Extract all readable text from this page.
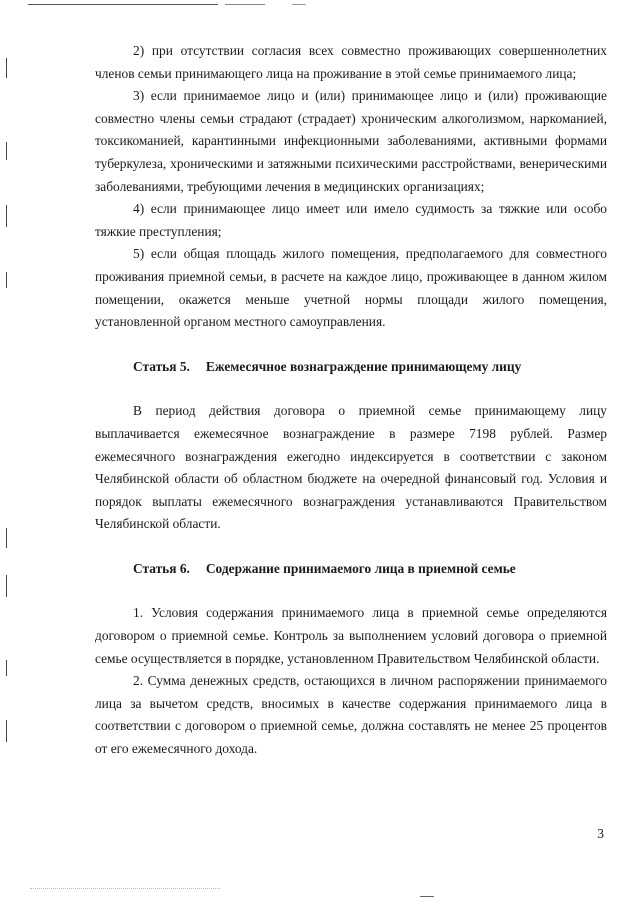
2) при отсутствии согласия всех совместно проживающих совершеннолетних членов семьи принимающего лица на проживание в этой семье принимаемого лица;

3) если принимаемое лицо и (или) принимающее лицо и (или) проживающие совместно члены семьи страдают (страдает) хроническим алкоголизмом, наркоманией, токсикоманией, карантинными инфекционными заболеваниями, активными формами туберкулеза, хроническими и затяжными психическими расстройствами, венерическими заболеваниями, требующими лечения в медицинских организациях;

4) если принимающее лицо имеет или имело судимость за тяжкие или особо тяжкие преступления;

5) если общая площадь жилого помещения, предполагаемого для совместного проживания приемной семьи, в расчете на каждое лицо, проживающее в данном жилом помещении, окажется меньше учетной нормы площади жилого помещения, установленной органом местного самоуправления.

Статья 5. Ежемесячное вознаграждение принимающему лицу

В период действия договора о приемной семье принимающему лицу выплачивается ежемесячное вознаграждение в размере 7198 рублей. Размер ежемесячного вознаграждения ежегодно индексируется в соответствии с законом Челябинской области об областном бюджете на очередной финансовый год. Условия и порядок выплаты ежемесячного вознаграждения устанавливаются Правительством Челябинской области.

Статья 6. Содержание принимаемого лица в приемной семье

1. Условия содержания принимаемого лица в приемной семье определяются договором о приемной семье. Контроль за выполнением условий договора о приемной семье осуществляется в порядке, установленном Правительством Челябинской области.

2. Сумма денежных средств, остающихся в личном распоряжении принимаемого лица за вычетом средств, вносимых в качестве содержания принимаемого лица в соответствии с договором о приемной семье, должна составлять не менее 25 процентов от его ежемесячного дохода.

3
